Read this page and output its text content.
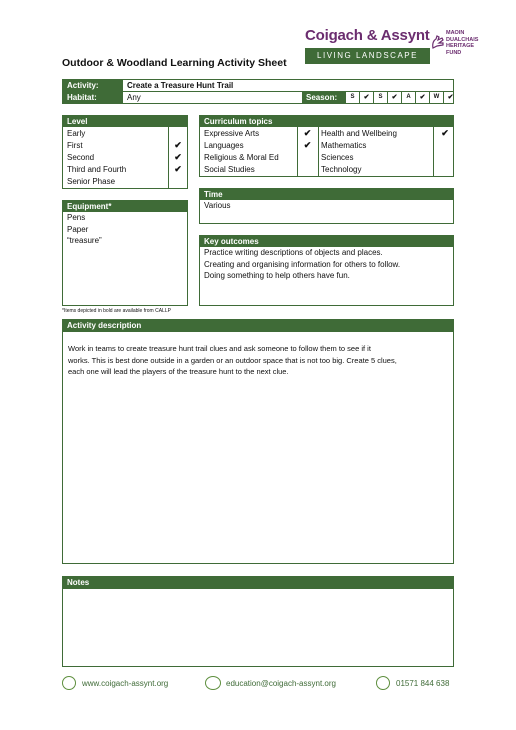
Coigach & Assynt
LIVING LANDSCAPE
MAOIN
DUALCHAIS
HERITAGE
FUND
Outdoor & Woodland Learning Activity Sheet
Activity:	Create a Treasure Hunt Trail
Habitat:	Any	Season:	S	✔	S	✔	A	✔	W	✔
Level
Early
First	✔
Second	✔
Third and Fourth	✔
Senior Phase
Curriculum topics
Expressive Arts	✔	Health and Wellbeing	✔
Languages	✔	Mathematics
Religious & Moral Ed	Sciences
Social Studies	Technology
Time
Various
Equipment*
Pens
Paper
“treasure”
*Items depicted in bold are available from CALLP
Key outcomes
Practice writing descriptions of objects and places.
Creating and organising information for others to follow.
Doing something to help others have fun.
Activity description
Work in teams to create treasure hunt trail clues and ask someone to follow them to see if it
works. This is best done outside in a garden or an outdoor space that is not too big. Create 5 clues,
each one will lead the players of the treasure hunt to the next clue.
Notes
www.coigach-assynt.org	education@coigach-assynt.org	01571 844 638
